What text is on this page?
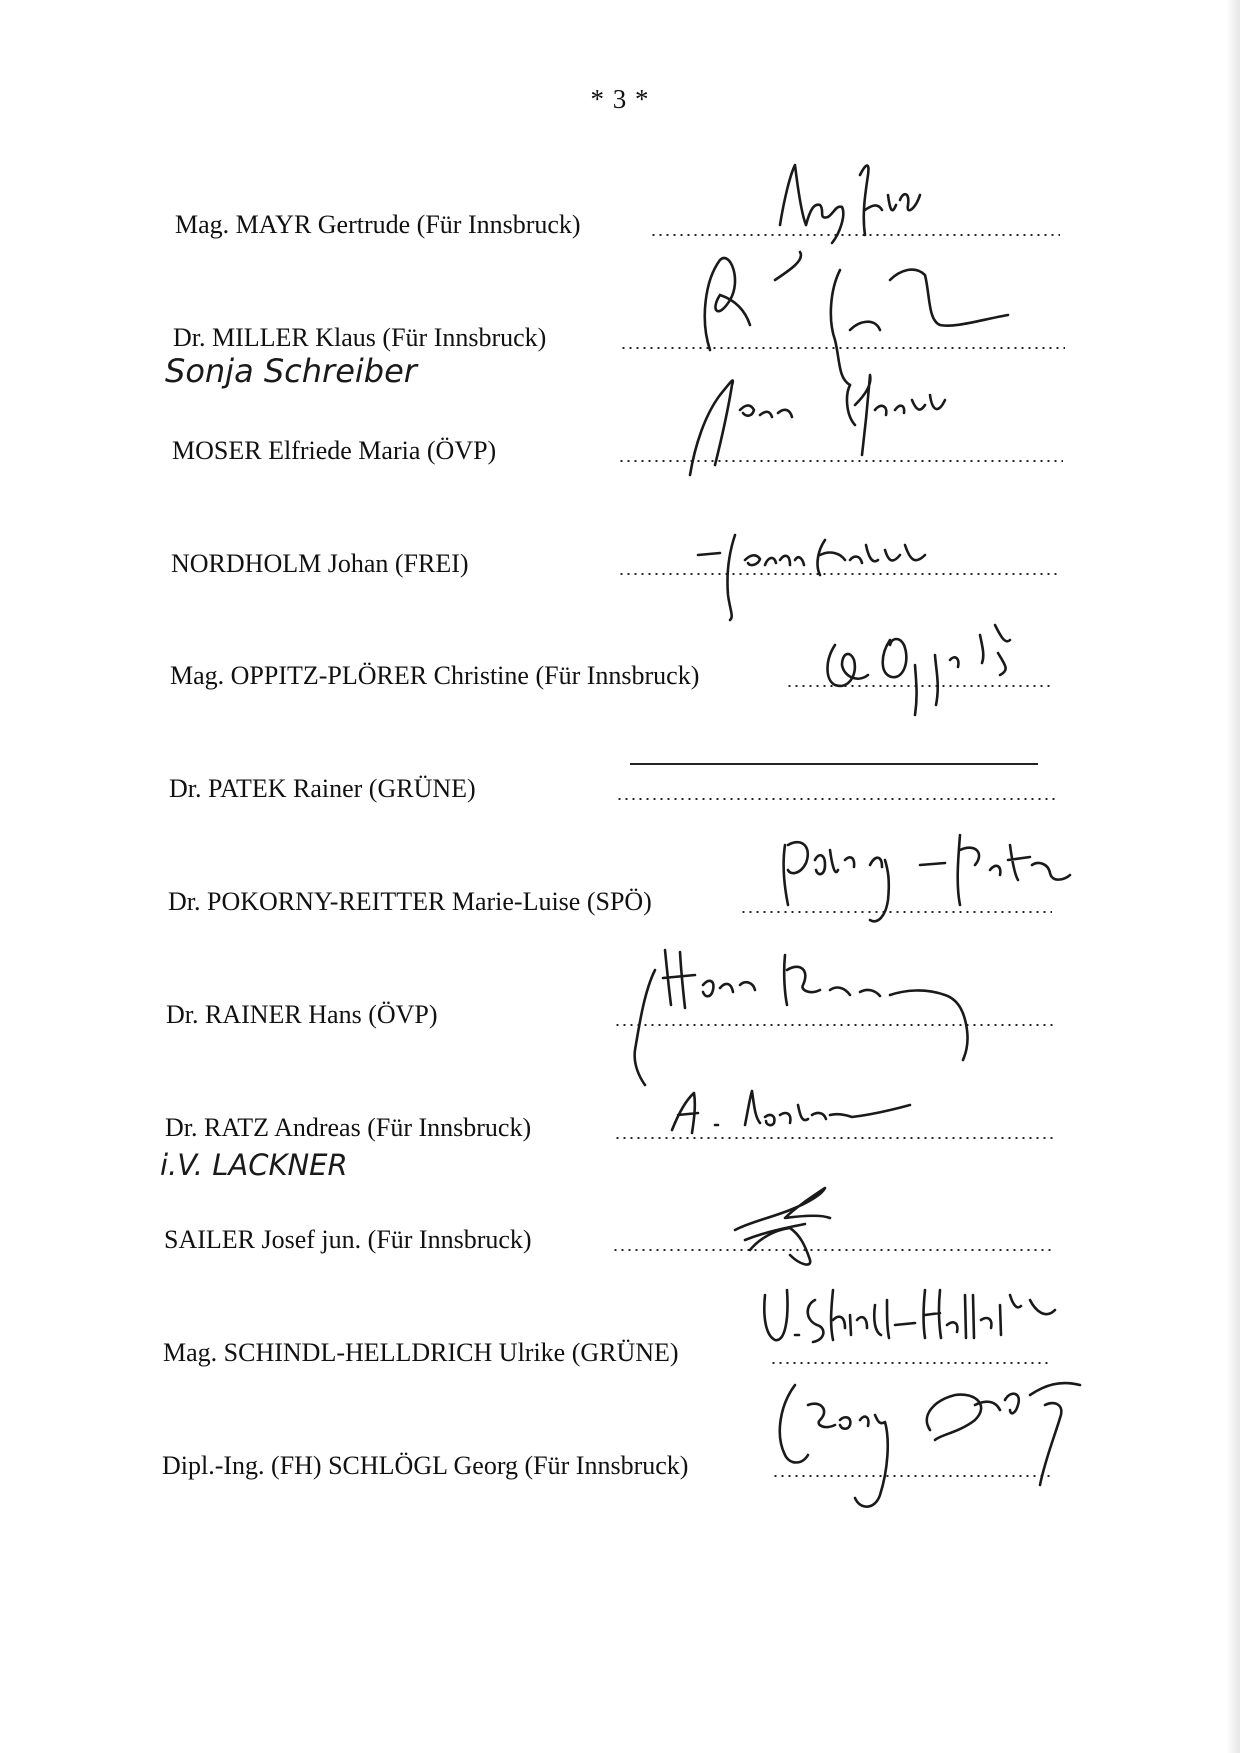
* 3 *
Mag. MAYR Gertrude (Für Innsbruck)
Dr. MILLER Klaus (Für Innsbruck)
MOSER Elfriede Maria (ÖVP)
NORDHOLM Johan (FREI)
Mag. OPPITZ-PLÖRER Christine (Für Innsbruck)
Dr. PATEK Rainer (GRÜNE)
Dr. POKORNY-REITTER Marie-Luise (SPÖ)
Dr. RAINER Hans (ÖVP)
Dr. RATZ Andreas (Für Innsbruck)
SAILER Josef jun. (Für Innsbruck)
Mag. SCHINDL-HELLDRICH Ulrike (GRÜNE)
Dipl.-Ing. (FH) SCHLÖGL Georg (Für Innsbruck)
Sonja Schreiber
i.V. LACKNER
